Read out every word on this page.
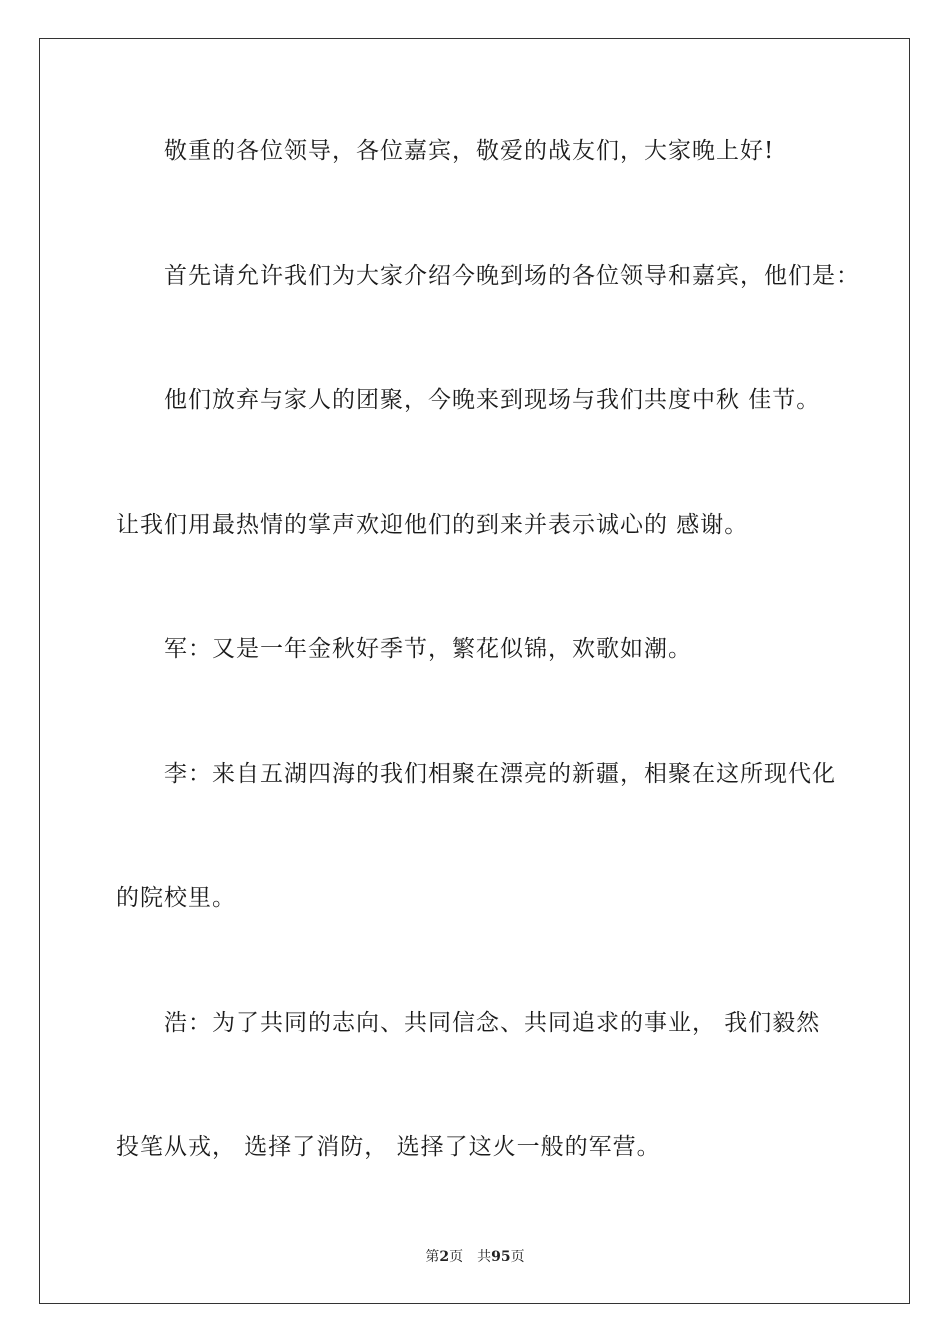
敬重的各位领导，各位嘉宾，敬爱的战友们，大家晚上好!
首先请允许我们为大家介绍今晚到场的各位领导和嘉宾，他们是：
他们放弃与家人的团聚，今晚来到现场与我们共度中秋 佳节。
让我们用最热情的掌声欢迎他们的到来并表示诚心的 感谢。
军：又是一年金秋好季节，繁花似锦，欢歌如潮。
李：来自五湖四海的我们相聚在漂亮的新疆，相聚在这所现代化
的院校里。
浩：为了共同的志向、共同信念、共同追求的事业， 我们毅然
投笔从戎， 选择了消防， 选择了这火一般的军营。
第2页 共95页
